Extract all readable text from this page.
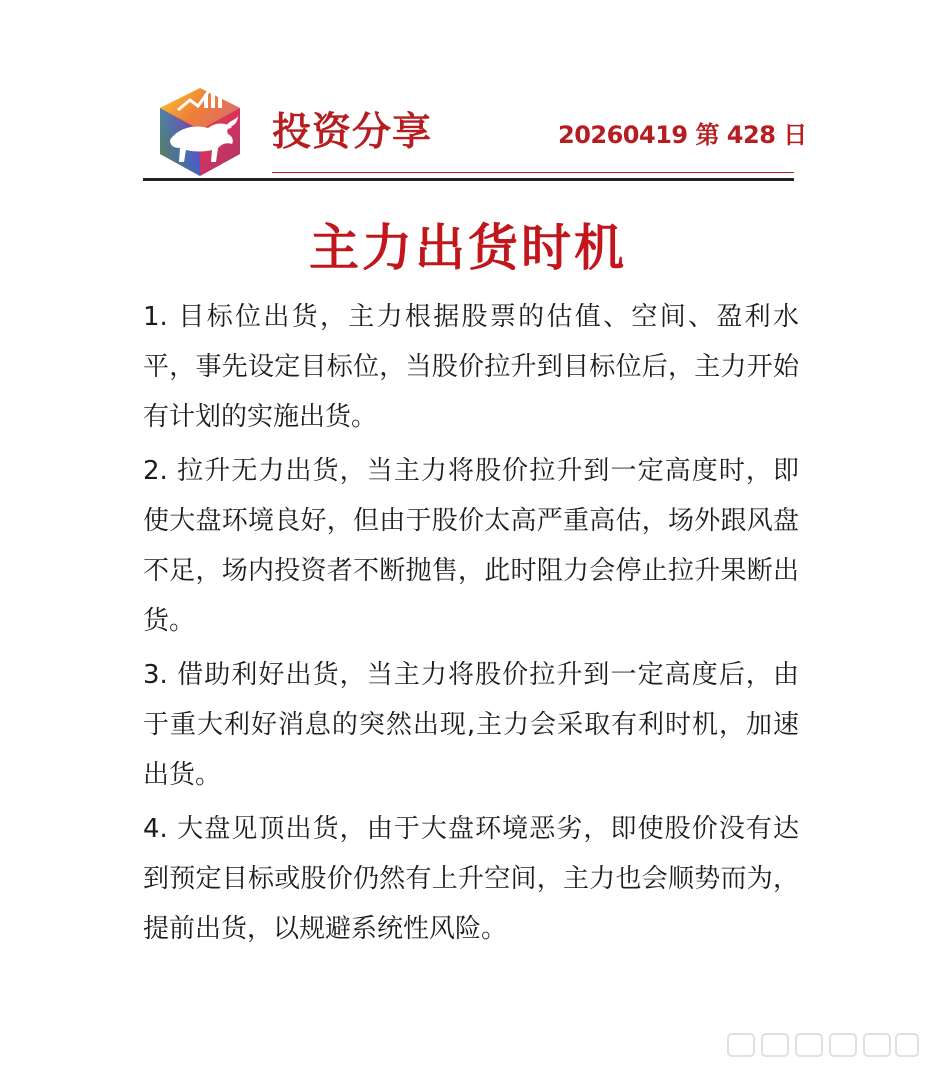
投资分享	20260419 第 428 日
主力出货时机

1. 目标位出货，主力根据股票的估值、空间、盈利水平，事先设定目标位，当股价拉升到目标位后，主力开始有计划的实施出货。

2. 拉升无力出货，当主力将股价拉升到一定高度时，即使大盘环境良好，但由于股价太高严重高估，场外跟风盘不足，场内投资者不断抛售，此时阻力会停止拉升果断出货。

3. 借助利好出货，当主力将股价拉升到一定高度后，由于重大利好消息的突然出现,主力会采取有利时机，加速出货。

4. 大盘见顶出货，由于大盘环境恶劣，即使股价没有达到预定目标或股价仍然有上升空间，主力也会顺势而为，提前出货，以规避系统性风险。
